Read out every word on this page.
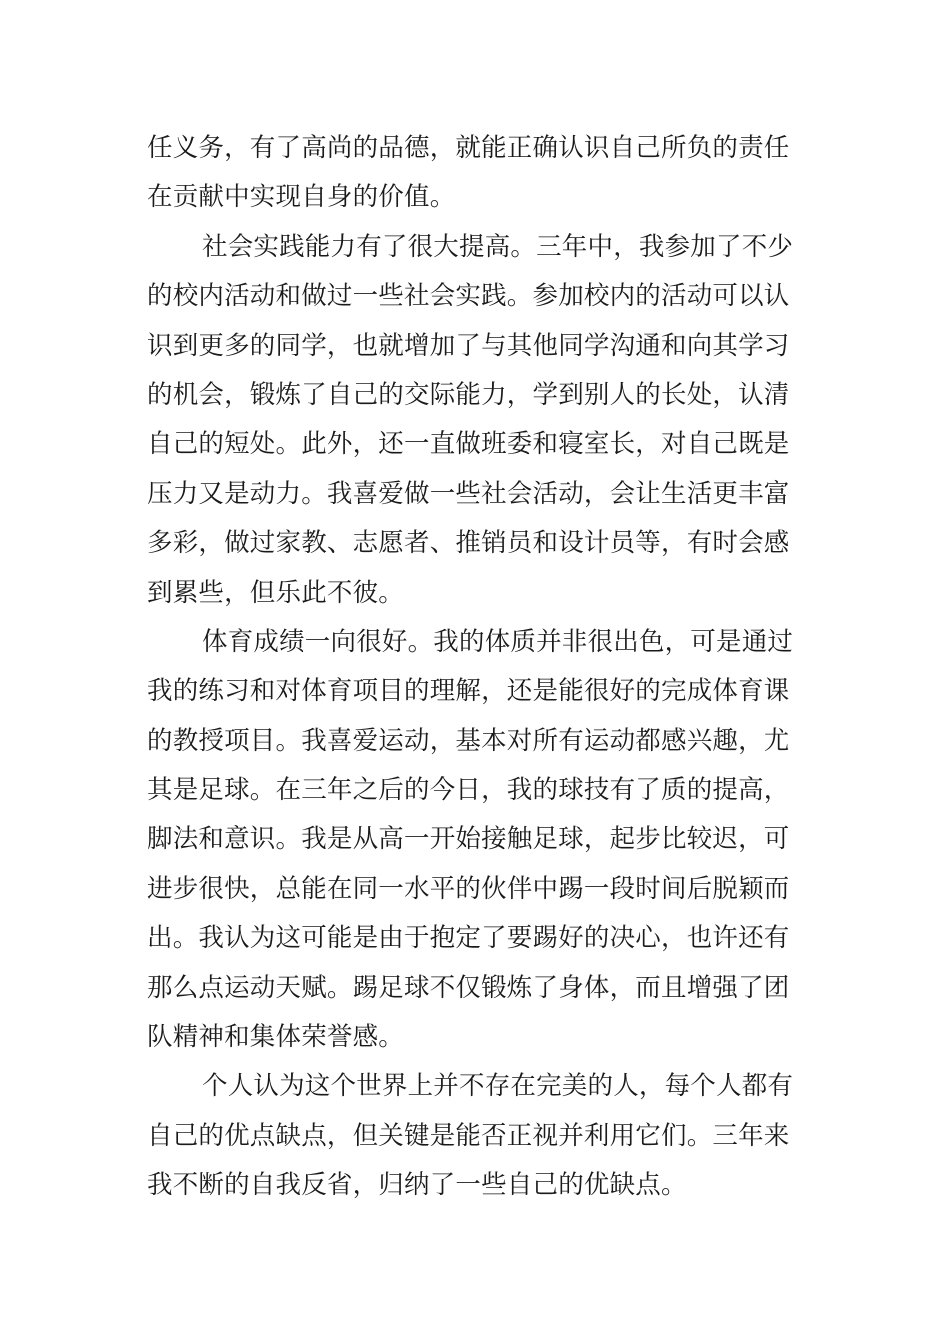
任义务，有了高尚的品德，就能正确认识自己所负的责任
在贡献中实现自身的价值。
社会实践能力有了很大提高。三年中，我参加了不少
的校内活动和做过一些社会实践。参加校内的活动可以认
识到更多的同学，也就增加了与其他同学沟通和向其学习
的机会，锻炼了自己的交际能力，学到别人的长处，认清
自己的短处。此外，还一直做班委和寝室长，对自己既是
压力又是动力。我喜爱做一些社会活动，会让生活更丰富
多彩，做过家教、志愿者、推销员和设计员等，有时会感
到累些，但乐此不彼。
体育成绩一向很好。我的体质并非很出色，可是通过
我的练习和对体育项目的理解，还是能很好的完成体育课
的教授项目。我喜爱运动，基本对所有运动都感兴趣，尤
其是足球。在三年之后的今日，我的球技有了质的提高，
脚法和意识。我是从高一开始接触足球，起步比较迟，可
进步很快，总能在同一水平的伙伴中踢一段时间后脱颖而
出。我认为这可能是由于抱定了要踢好的决心，也许还有
那么点运动天赋。踢足球不仅锻炼了身体，而且增强了团
队精神和集体荣誉感。
个人认为这个世界上并不存在完美的人，每个人都有
自己的优点缺点，但关键是能否正视并利用它们。三年来
我不断的自我反省，归纳了一些自己的优缺点。
